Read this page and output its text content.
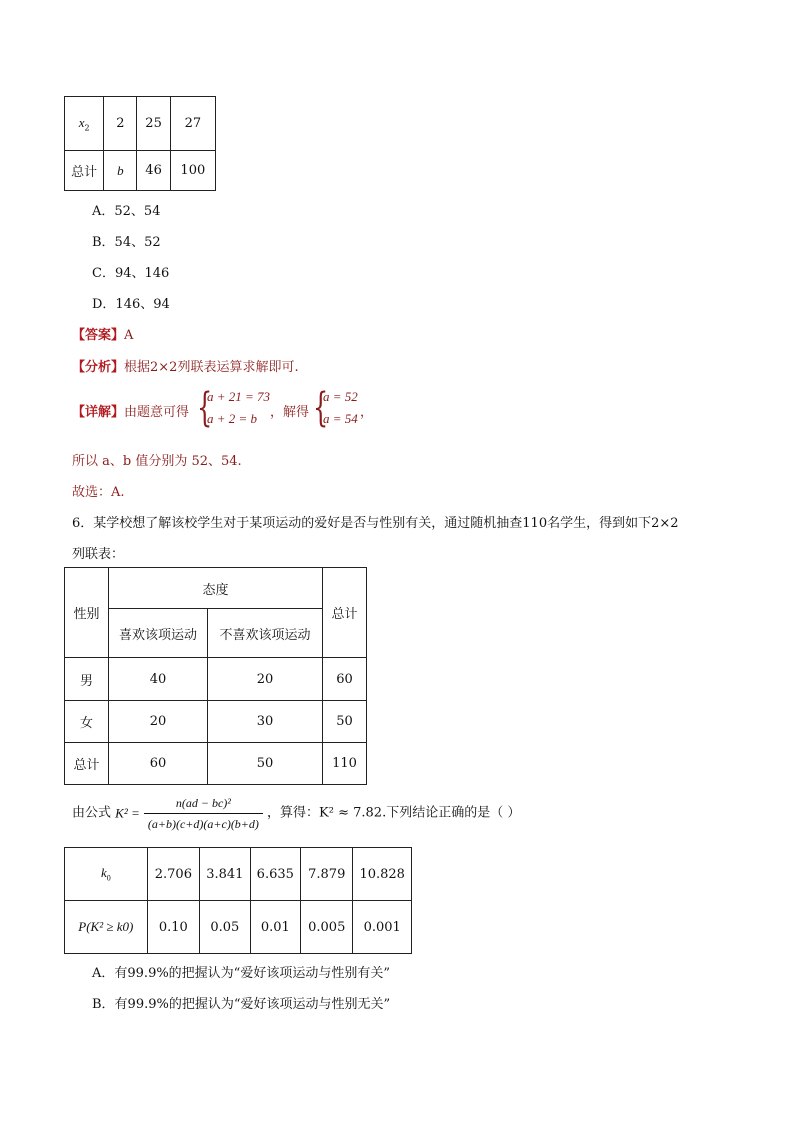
$x_2$	2	25	27
总计	b	46	100
A．52、54
B．54、52
C．94、146
D．146、94
【答案】A
【分析】根据2×2列联表运算求解即可.
【详解】由题意可得 {
a + 21 = 73
a + 2 = b ，解得 {
a = 52
a = 54 ，
所以 a、b 值分别为 52、54.
故选：A.
6．某学校想了解该校学生对于某项运动的爱好是否与性别有关，通过随机抽查110名学生，得到如下2×2
列联表：
性别	态度		总计
	喜欢该项运动	不喜欢该项运动	
男	40	20	60
女	20	30	50
总计	60	50	110
由公式 $K^2 = \frac{\text{n(ad − bc)²}}{(a+b)(c+d)(a+c)(b+d)}$ ，算得：K² ≈ 7.82.下列结论正确的是（ ）
$k_0$	2.706	3.841	6.635	7.879	10.828
P(K² ≥ k0)	0.10	0.05	0.01	0.005	0.001
A．有99.9%的把握认为“爱好该项运动与性别有关”
B．有99.9%的把握认为“爱好该项运动与性别无关”
